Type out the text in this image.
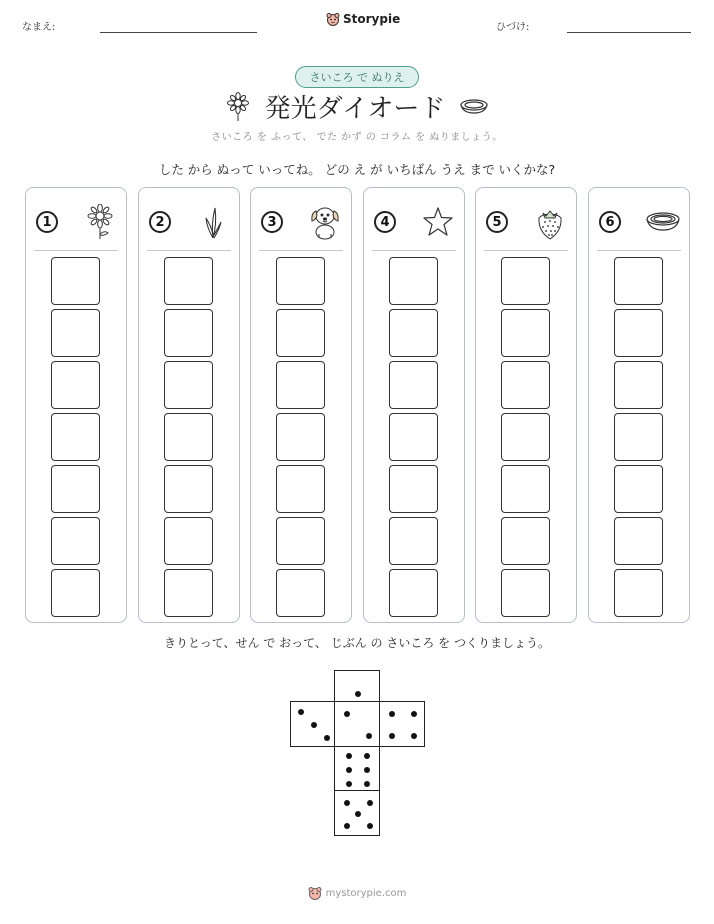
なまえ:
Storypie
ひづけ:
さいころ で ぬりえ
発光ダイオード
さいころ を ふって、 でた かず の コラム を ぬりましょう。
した から ぬって いってね。 どの え が いちばん うえ まで いくかな?
1	2	3	4	5	6
きりとって、せん で おって、 じぶん の さいころ を つくりましょう。
mystorypie.com
